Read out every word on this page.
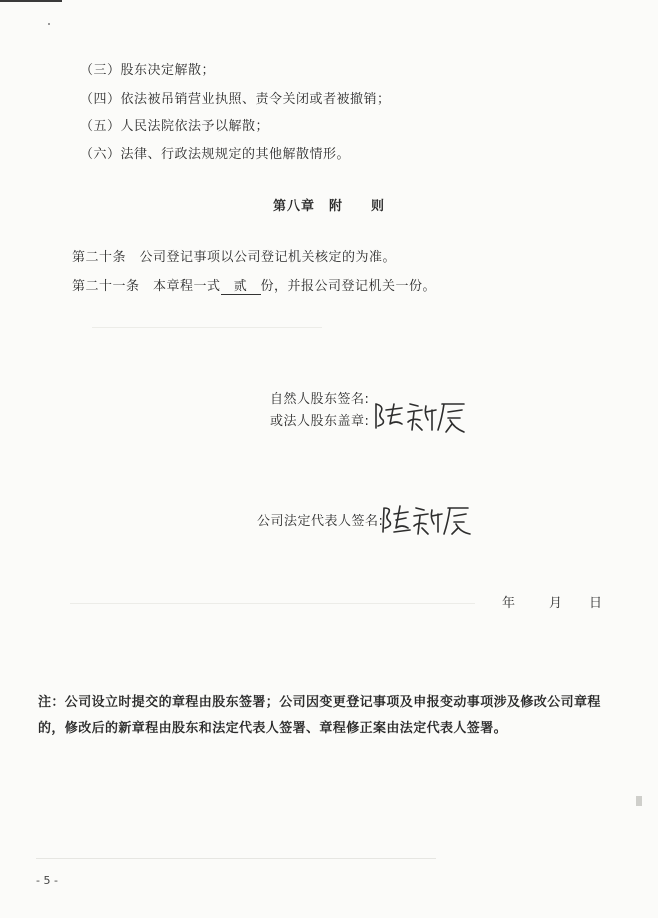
（三）股东决定解散；
（四）依法被吊销营业执照、责令关闭或者被撤销；
（五）人民法院依法予以解散；
（六）法律、行政法规规定的其他解散情形。
第八章　附　　则
第二十条　公司登记事项以公司登记机关核定的为准。
第二十一条　本章程一式 贰 份，并报公司登记机关一份。
自然人股东签名:
或法人股东盖章:
公司法定代表人签名:
年	月 日
注：公司设立时提交的章程由股东签署；公司因变更登记事项及申报变动事项涉及修改公司章程的，修改后的新章程由股东和法定代表人签署、章程修正案由法定代表人签署。
- 5 -
